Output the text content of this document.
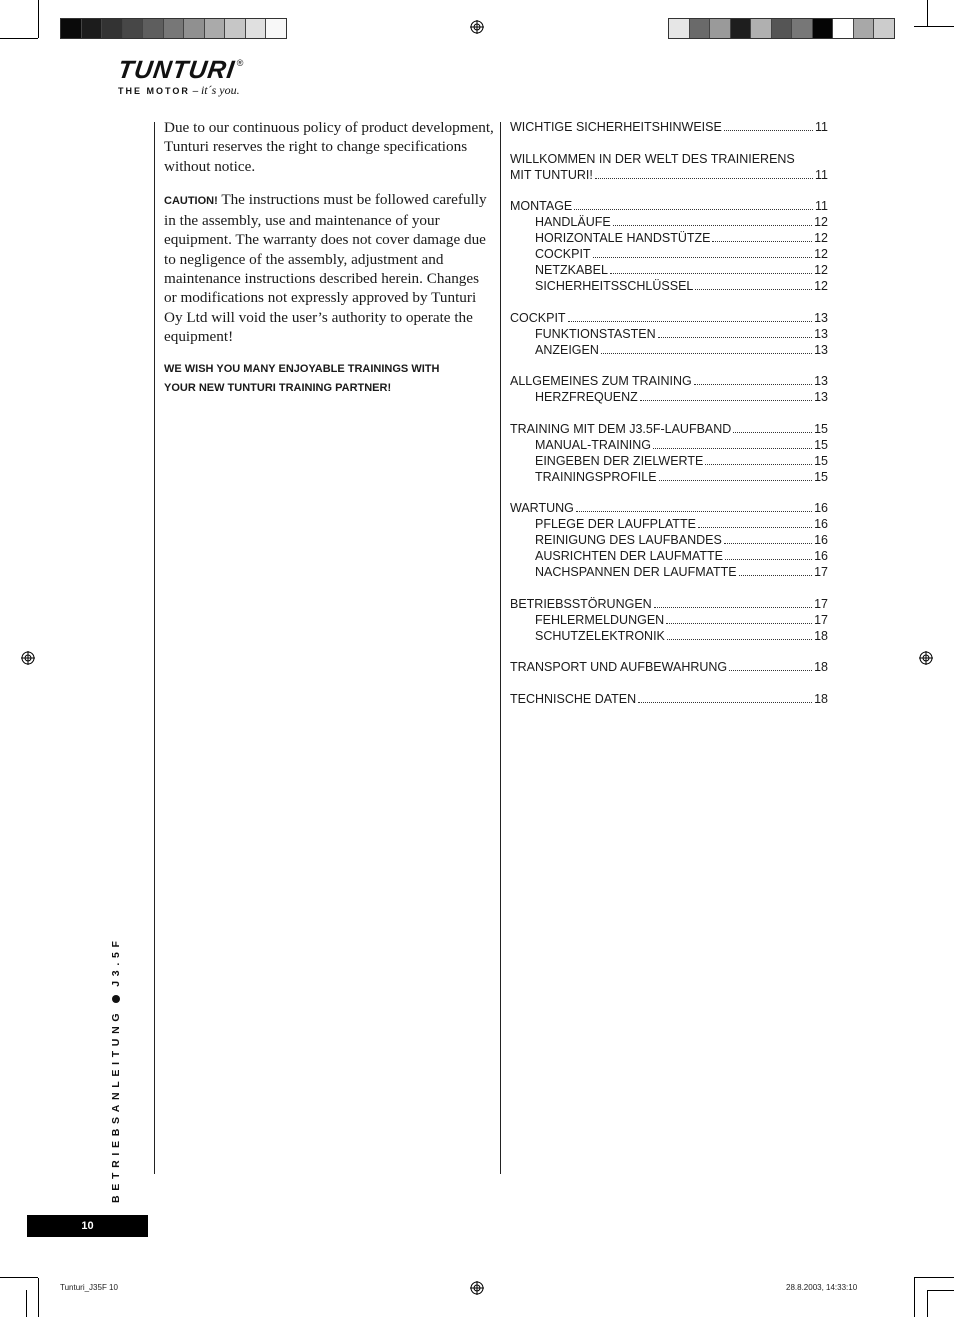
TUNTURI®
THE MOTOR – it´s you.

Due to our continuous policy of product development, Tunturi reserves the right to change specifications without notice.

CAUTION! The instructions must be followed carefully in the assembly, use and maintenance of your equipment. The warranty does not cover damage due to negligence of the assembly, adjustment and maintenance instructions described herein. Changes or modifications not expressly approved by Tunturi Oy Ltd will void the user’s authority to operate the equipment!

WE WISH YOU MANY ENJOYABLE TRAININGS WITH
YOUR NEW TUNTURI TRAINING PARTNER!
WICHTIGE SICHERHEITSHINWEISE	11
WILLKOMMEN IN DER WELT DES TRAINIERENS
MIT TUNTURI!	11
MONTAGE	11
HANDLÄUFE	12
HORIZONTALE HANDSTÜTZE	12
COCKPIT	12
NETZKABEL	12
SICHERHEITSSCHLÜSSEL	12
COCKPIT	13
FUNKTIONSTASTEN	13
ANZEIGEN	13
ALLGEMEINES ZUM TRAINING	13
HERZFREQUENZ	13
TRAINING MIT DEM J3.5F-LAUFBAND	15
MANUAL-TRAINING	15
EINGEBEN DER ZIELWERTE	15
TRAININGSPROFILE	15
WARTUNG	16
PFLEGE DER LAUFPLATTE	16
REINIGUNG DES LAUFBANDES	16
AUSRICHTEN DER LAUFMATTE	16
NACHSPANNEN DER LAUFMATTE	17
BETRIEBSSTÖRUNGEN	17
FEHLERMELDUNGEN	17
SCHUTZELEKTRONIK	18
TRANSPORT UND AUFBEWAHRUNG	18
TECHNISCHE DATEN	18
BETRIEBSANLEITUNGJ3.5F
10
Tunturi_J35F 10	28.8.2003, 14:33:10
